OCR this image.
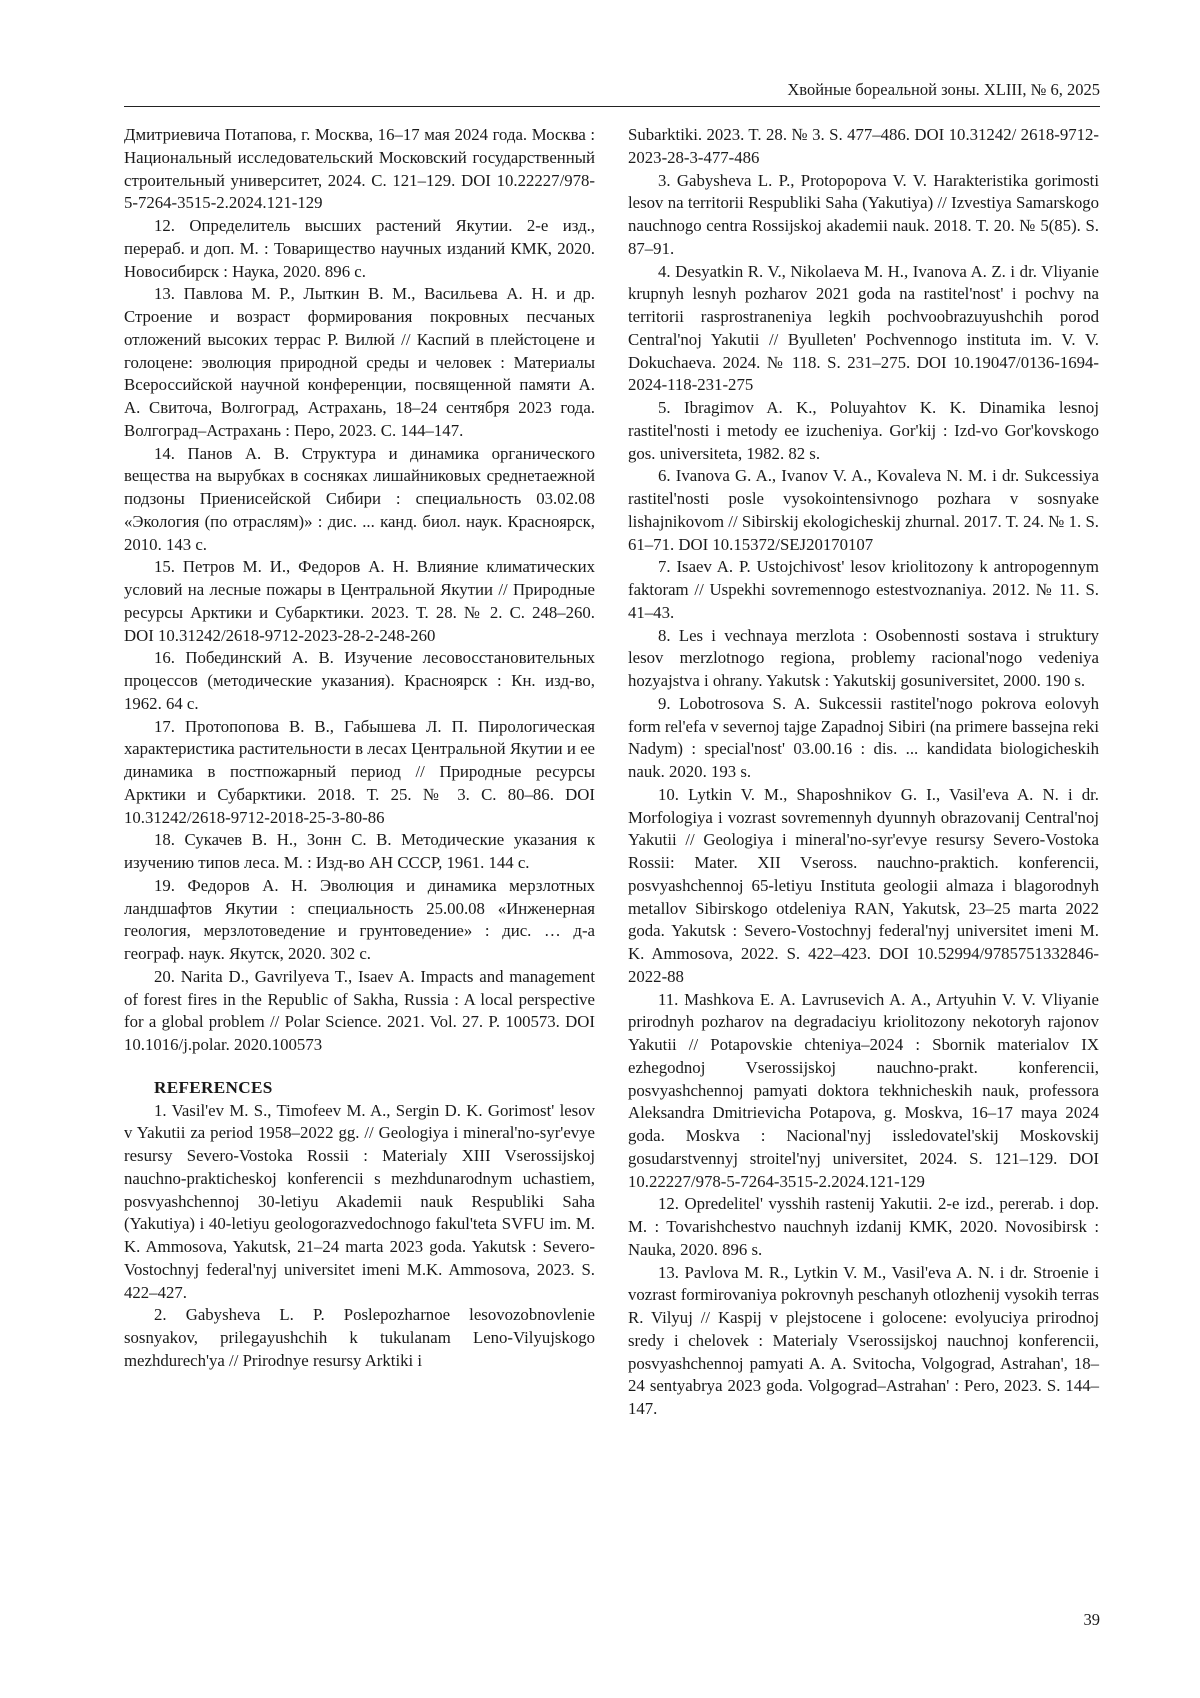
Хвойные бореальной зоны. XLIII, № 6, 2025

Дмитриевича Потапова, г. Москва, 16–17 мая 2024 года. Москва : Национальный исследовательский Московский государственный строительный университет, 2024. С. 121–129. DOI 10.22227/978-5-7264-3515-2.2024.121-129

12. Определитель высших растений Якутии. 2-е изд., перераб. и доп. М. : Товарищество научных изданий КМК, 2020. Новосибирск : Наука, 2020. 896 с.

13. Павлова М. Р., Лыткин В. М., Васильева А. Н. и др. Строение и возраст формирования покровных песчаных отложений высоких террас Р. Вилюй // Каспий в плейстоцене и голоцене: эволюция природной среды и человек : Материалы Всероссийской научной конференции, посвященной памяти А. А. Свиточа, Волгоград, Астрахань, 18–24 сентября 2023 года. Волгоград–Астрахань : Перо, 2023. С. 144–147.

14. Панов А. В. Структура и динамика органического вещества на вырубках в сосняках лишайниковых среднетаежной подзоны Приенисейской Сибири : специальность 03.02.08 «Экология (по отраслям)» : дис. ... канд. биол. наук. Красноярск, 2010. 143 с.

15. Петров М. И., Федоров А. Н. Влияние климатических условий на лесные пожары в Центральной Якутии // Природные ресурсы Арктики и Субарктики. 2023. Т. 28. № 2. С. 248–260. DOI 10.31242/2618-9712-2023-28-2-248-260

16. Побединский А. В. Изучение лесовосстановительных процессов (методические указания). Красноярск : Кн. изд-во, 1962. 64 с.

17. Протопопова В. В., Габышева Л. П. Пирологическая характеристика растительности в лесах Центральной Якутии и ее динамика в постпожарный период // Природные ресурсы Арктики и Субарктики. 2018. Т. 25. № 3. С. 80–86. DOI 10.31242/2618-9712-2018-25-3-80-86

18. Сукачев В. Н., Зонн С. В. Методические указания к изучению типов леса. М. : Изд-во АН СССР, 1961. 144 с.

19. Федоров А. Н. Эволюция и динамика мерзлотных ландшафтов Якутии : специальность 25.00.08 «Инженерная геология, мерзлотоведение и грунтоведение» : дис. … д-а географ. наук. Якутск, 2020. 302 с.

20. Narita D., Gavrilyeva T., Isaev A. Impacts and management of forest fires in the Republic of Sakha, Russia : A local perspective for a global problem // Polar Science. 2021. Vol. 27. P. 100573. DOI 10.1016/j.polar. 2020.100573

REFERENCES

1. Vasil'ev M. S., Timofeev M. A., Sergin D. K. Gorimost' lesov v Yakutii za period 1958–2022 gg. // Geologiya i mineral'no-syr'evye resursy Severo-Vostoka Rossii : Materialy XIII Vserossijskoj nauchno-prakticheskoj konferencii s mezhdunarodnym uchastiem, posvyashchennoj 30-letiyu Akademii nauk Respubliki Saha (Yakutiya) i 40-letiyu geologorazvedochnogo fakul'teta SVFU im. M. K. Ammosova, Yakutsk, 21–24 marta 2023 goda. Yakutsk : Severo-Vostochnyj federal'nyj universitet imeni M.K. Ammosova, 2023. S. 422–427.

2. Gabysheva L. P. Poslepozharnoe lesovozobnovlenie sosnyakov, prilegayushchih k tukulanam Leno-Vilyujskogo mezhdurech'ya // Prirodnye resursy Arktiki i

Subarktiki. 2023. T. 28. № 3. S. 477–486. DOI 10.31242/ 2618-9712-2023-28-3-477-486

3. Gabysheva L. P., Protopopova V. V. Harakteristika gorimosti lesov na territorii Respubliki Saha (Yakutiya) // Izvestiya Samarskogo nauchnogo centra Rossijskoj akademii nauk. 2018. T. 20. № 5(85). S. 87–91.

4. Desyatkin R. V., Nikolaeva M. H., Ivanova A. Z. i dr. Vliyanie krupnyh lesnyh pozharov 2021 goda na rastitel'nost' i pochvy na territorii rasprostraneniya legkih pochvoobrazuyushchih porod Central'noj Yakutii // Byulleten' Pochvennogo instituta im. V. V. Dokuchaeva. 2024. № 118. S. 231–275. DOI 10.19047/0136-1694-2024-118-231-275

5. Ibragimov A. K., Poluyahtov K. K. Dinamika lesnoj rastitel'nosti i metody ee izucheniya. Gor'kij : Izd-vo Gor'kovskogo gos. universiteta, 1982. 82 s.

6. Ivanova G. A., Ivanov V. A., Kovaleva N. M. i dr. Sukcessiya rastitel'nosti posle vysokointensivnogo pozhara v sosnyake lishajnikovom // Sibirskij ekologicheskij zhurnal. 2017. T. 24. № 1. S. 61–71. DOI 10.15372/SEJ20170107

7. Isaev A. P. Ustojchivost' lesov kriolitozony k antropogennym faktoram // Uspekhi sovremennogo estestvoznaniya. 2012. № 11. S. 41–43.

8. Les i vechnaya merzlota : Osobennosti sostava i struktury lesov merzlotnogo regiona, problemy racional'nogo vedeniya hozyajstva i ohrany. Yakutsk : Yakutskij gosuniversitet, 2000. 190 s.

9. Lobotrosova S. A. Sukcessii rastitel'nogo pokrova eolovyh form rel'efa v severnoj tajge Zapadnoj Sibiri (na primere bassejna reki Nadym) : special'nost' 03.00.16 : dis. ... kandidata biologicheskih nauk. 2020. 193 s.

10. Lytkin V. M., Shaposhnikov G. I., Vasil'eva A. N. i dr. Morfologiya i vozrast sovremennyh dyunnyh obrazovanij Central'noj Yakutii // Geologiya i mineral'no-syr'evye resursy Severo-Vostoka Rossii: Mater. XII Vseross. nauchno-praktich. konferencii, posvyashchennoj 65-letiyu Instituta geologii almaza i blagorodnyh metallov Sibirskogo otdeleniya RAN, Yakutsk, 23–25 marta 2022 goda. Yakutsk : Severo-Vostochnyj federal'nyj universitet imeni M. K. Ammosova, 2022. S. 422–423. DOI 10.52994/9785751332846-2022-88

11. Mashkova E. A. Lavrusevich A. A., Artyuhin V. V. Vliyanie prirodnyh pozharov na degradaciyu kriolitozony nekotoryh rajonov Yakutii // Potapovskie chteniya–2024 : Sbornik materialov IX ezhegodnoj Vserossijskoj nauchno-prakt. konferencii, posvyashchennoj pamyati doktora tekhnicheskih nauk, professora Aleksandra Dmitrievicha Potapova, g. Moskva, 16–17 maya 2024 goda. Moskva : Nacional'nyj issledovatel'skij Moskovskij gosudarstvennyj stroitel'nyj universitet, 2024. S. 121–129. DOI 10.22227/978-5-7264-3515-2.2024.121-129

12. Opredelitel' vysshih rastenij Yakutii. 2-e izd., pererab. i dop. M. : Tovarishchestvo nauchnyh izdanij KMK, 2020. Novosibirsk : Nauka, 2020. 896 s.

13. Pavlova M. R., Lytkin V. M., Vasil'eva A. N. i dr. Stroenie i vozrast formirovaniya pokrovnyh peschanyh otlozhenij vysokih terras R. Vilyuj // Kaspij v plejstocene i golocene: evolyuciya prirodnoj sredy i chelovek : Materialy Vserossijskoj nauchnoj konferencii, posvyashchennoj pamyati A. A. Svitocha, Volgograd, Astrahan', 18–24 sentyabrya 2023 goda. Volgograd–Astrahan' : Pero, 2023. S. 144–147.

39
